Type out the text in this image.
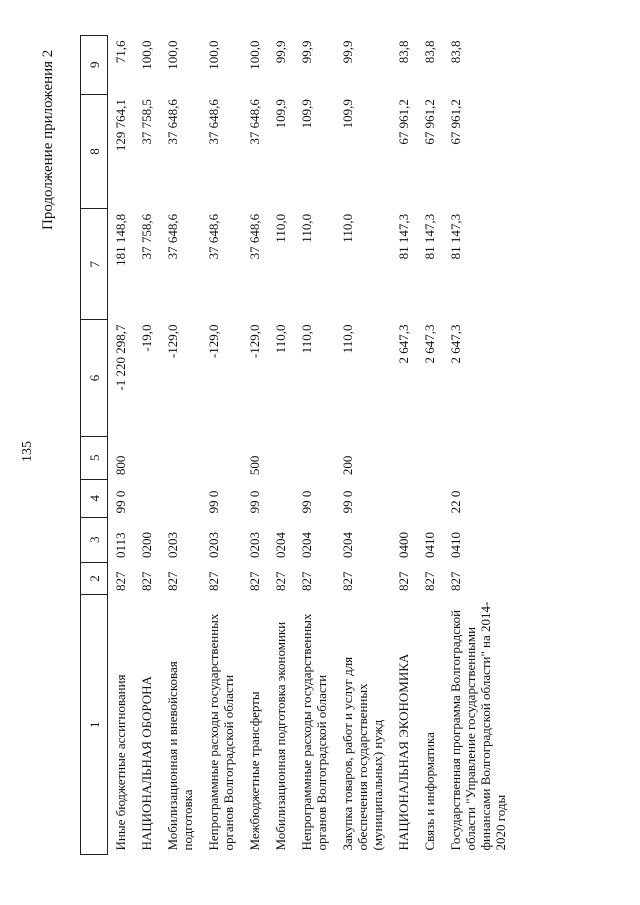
135
Продолжение приложения 2
1	2	3	4	5	6	7	8	9
Иные бюджетные ассигнования	827	0113	99 0	800	-1 220 298,7	181 148,8	129 764,1	71,6
НАЦИОНАЛЬНАЯ ОБОРОНА	827	0200			-19,0	37 758,6	37 758,5	100,0
Мобилизационная и вневойсковая подготовка	827	0203			-129,0	37 648,6	37 648,6	100,0
Непрограммные расходы государственных органов Волгоградской области	827	0203	99 0		-129,0	37 648,6	37 648,6	100,0
Межбюджетные трансферты	827	0203	99 0	500	-129,0	37 648,6	37 648,6	100,0
Мобилизационная подготовка экономики	827	0204			110,0	110,0	109,9	99,9
Непрограммные расходы государственных органов Волгоградской области	827	0204	99 0		110,0	110,0	109,9	99,9
Закупка товаров, работ и услуг для обеспечения государственных (муниципальных) нужд	827	0204	99 0	200	110,0	110,0	109,9	99,9
НАЦИОНАЛЬНАЯ ЭКОНОМИКА	827	0400			2 647,3	81 147,3	67 961,2	83,8
Связь и информатика	827	0410			2 647,3	81 147,3	67 961,2	83,8
Государственная программа Волгоградской области "Управление государственными финансами Волгоградской области" на 2014-2020 годы	827	0410	22 0		2 647,3	81 147,3	67 961,2	83,8
